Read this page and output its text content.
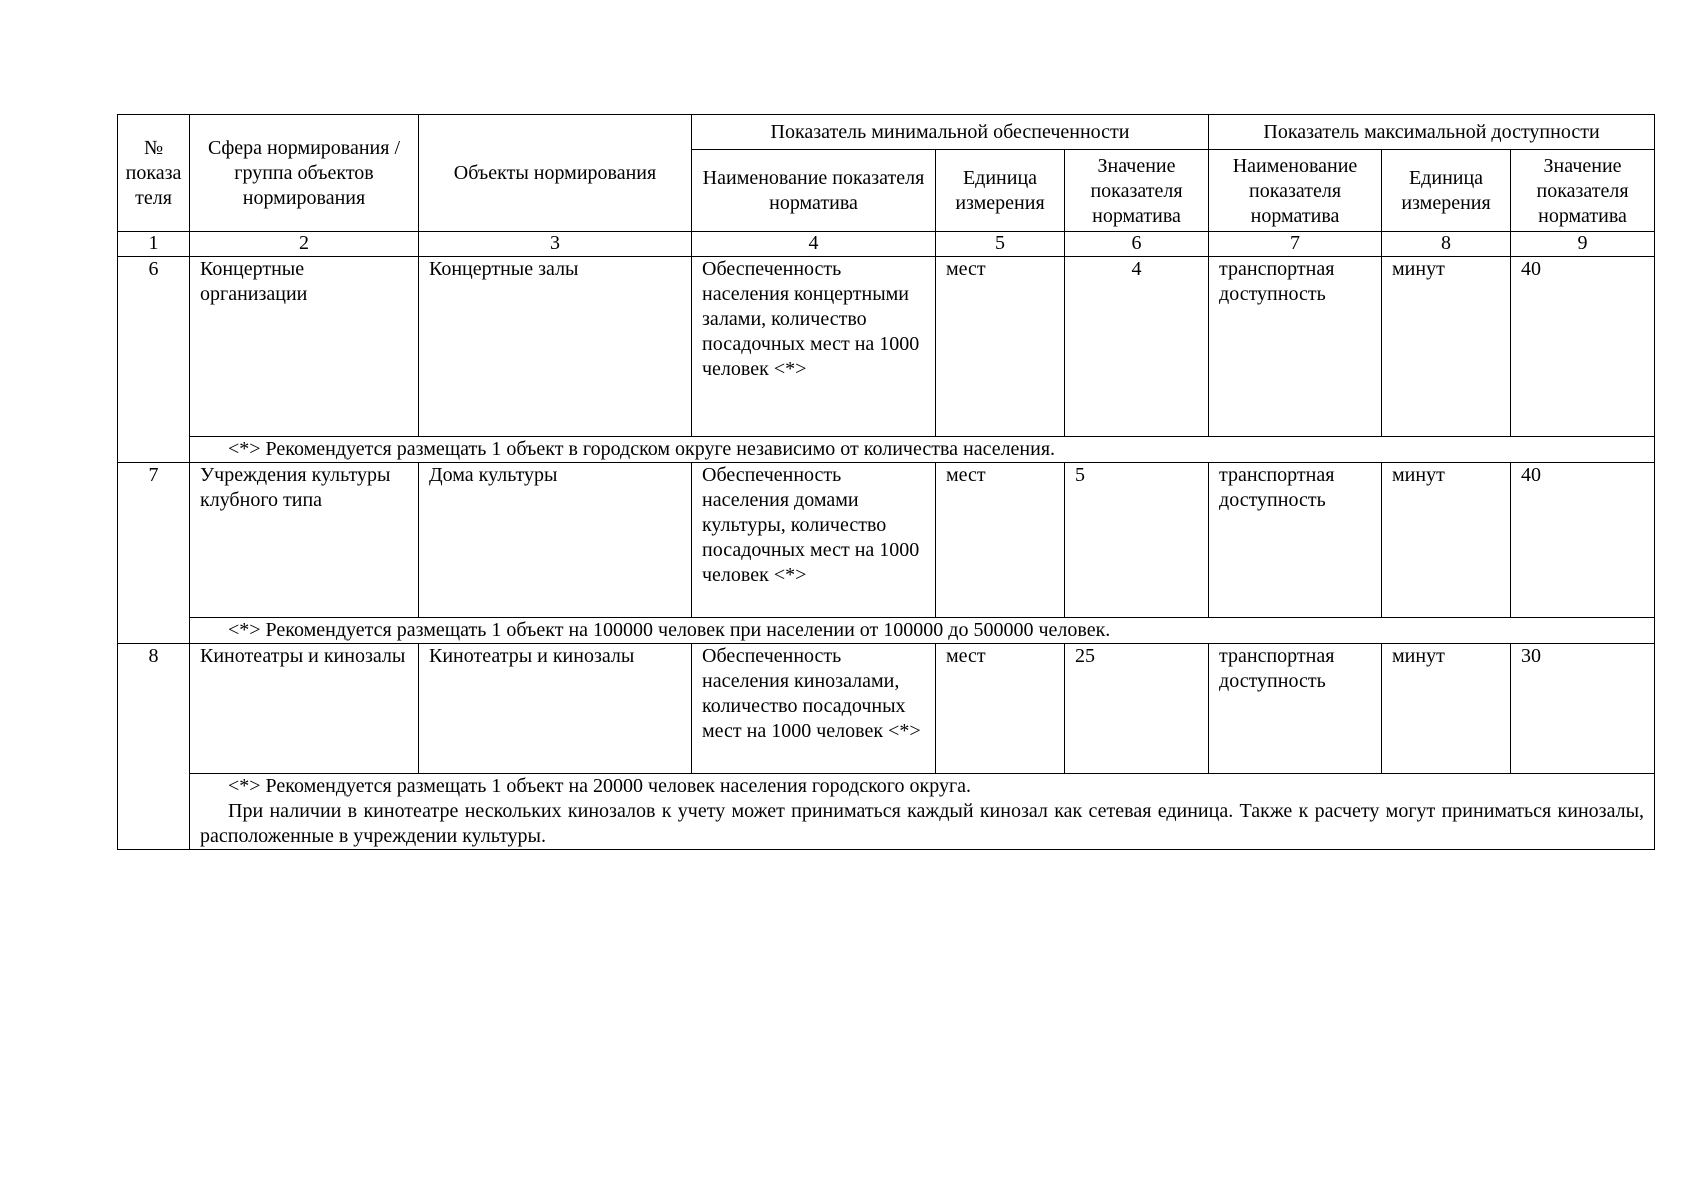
№ показа теля	Сфера нормирования / группа объектов нормирования	Объекты нормирования	Показатель минимальной обеспеченности			Показатель максимальной доступности		
			Наименование показателя норматива	Единица измерения	Значение показателя норматива	Наименование показателя норматива	Единица измерения	Значение показателя норматива
1	2	3	4	5	6	7	8	9
6	Концертные организации	Концертные залы	Обеспеченность населения концертными залами, количество посадочных мест на 1000 человек <*>	мест	4	транспортная доступность	минут	40

	<*> Рекомендуется размещать 1 объект в городском округе независимо от количества населения.							

7	Учреждения культуры клубного типа	Дома культуры	Обеспеченность населения домами культуры, количество посадочных мест на 1000 человек <*>	мест	5	транспортная доступность	минут	40

	<*> Рекомендуется размещать 1 объект на 100000 человек при населении от 100000 до 500000 человек.							

8	Кинотеатры и кинозалы	Кинотеатры и кинозалы	Обеспеченность населения кинозалами, количество посадочных мест на 1000 человек <*>	мест	25	транспортная доступность	минут	30

	<*> Рекомендуется размещать 1 объект на 20000 человек населения городского округа.

При наличии в кинотеатре нескольких кинозалов к учету может приниматься каждый кинозал как сетевая единица. Также к расчету могут приниматься кинозалы, расположенные в учреждении культуры.							
